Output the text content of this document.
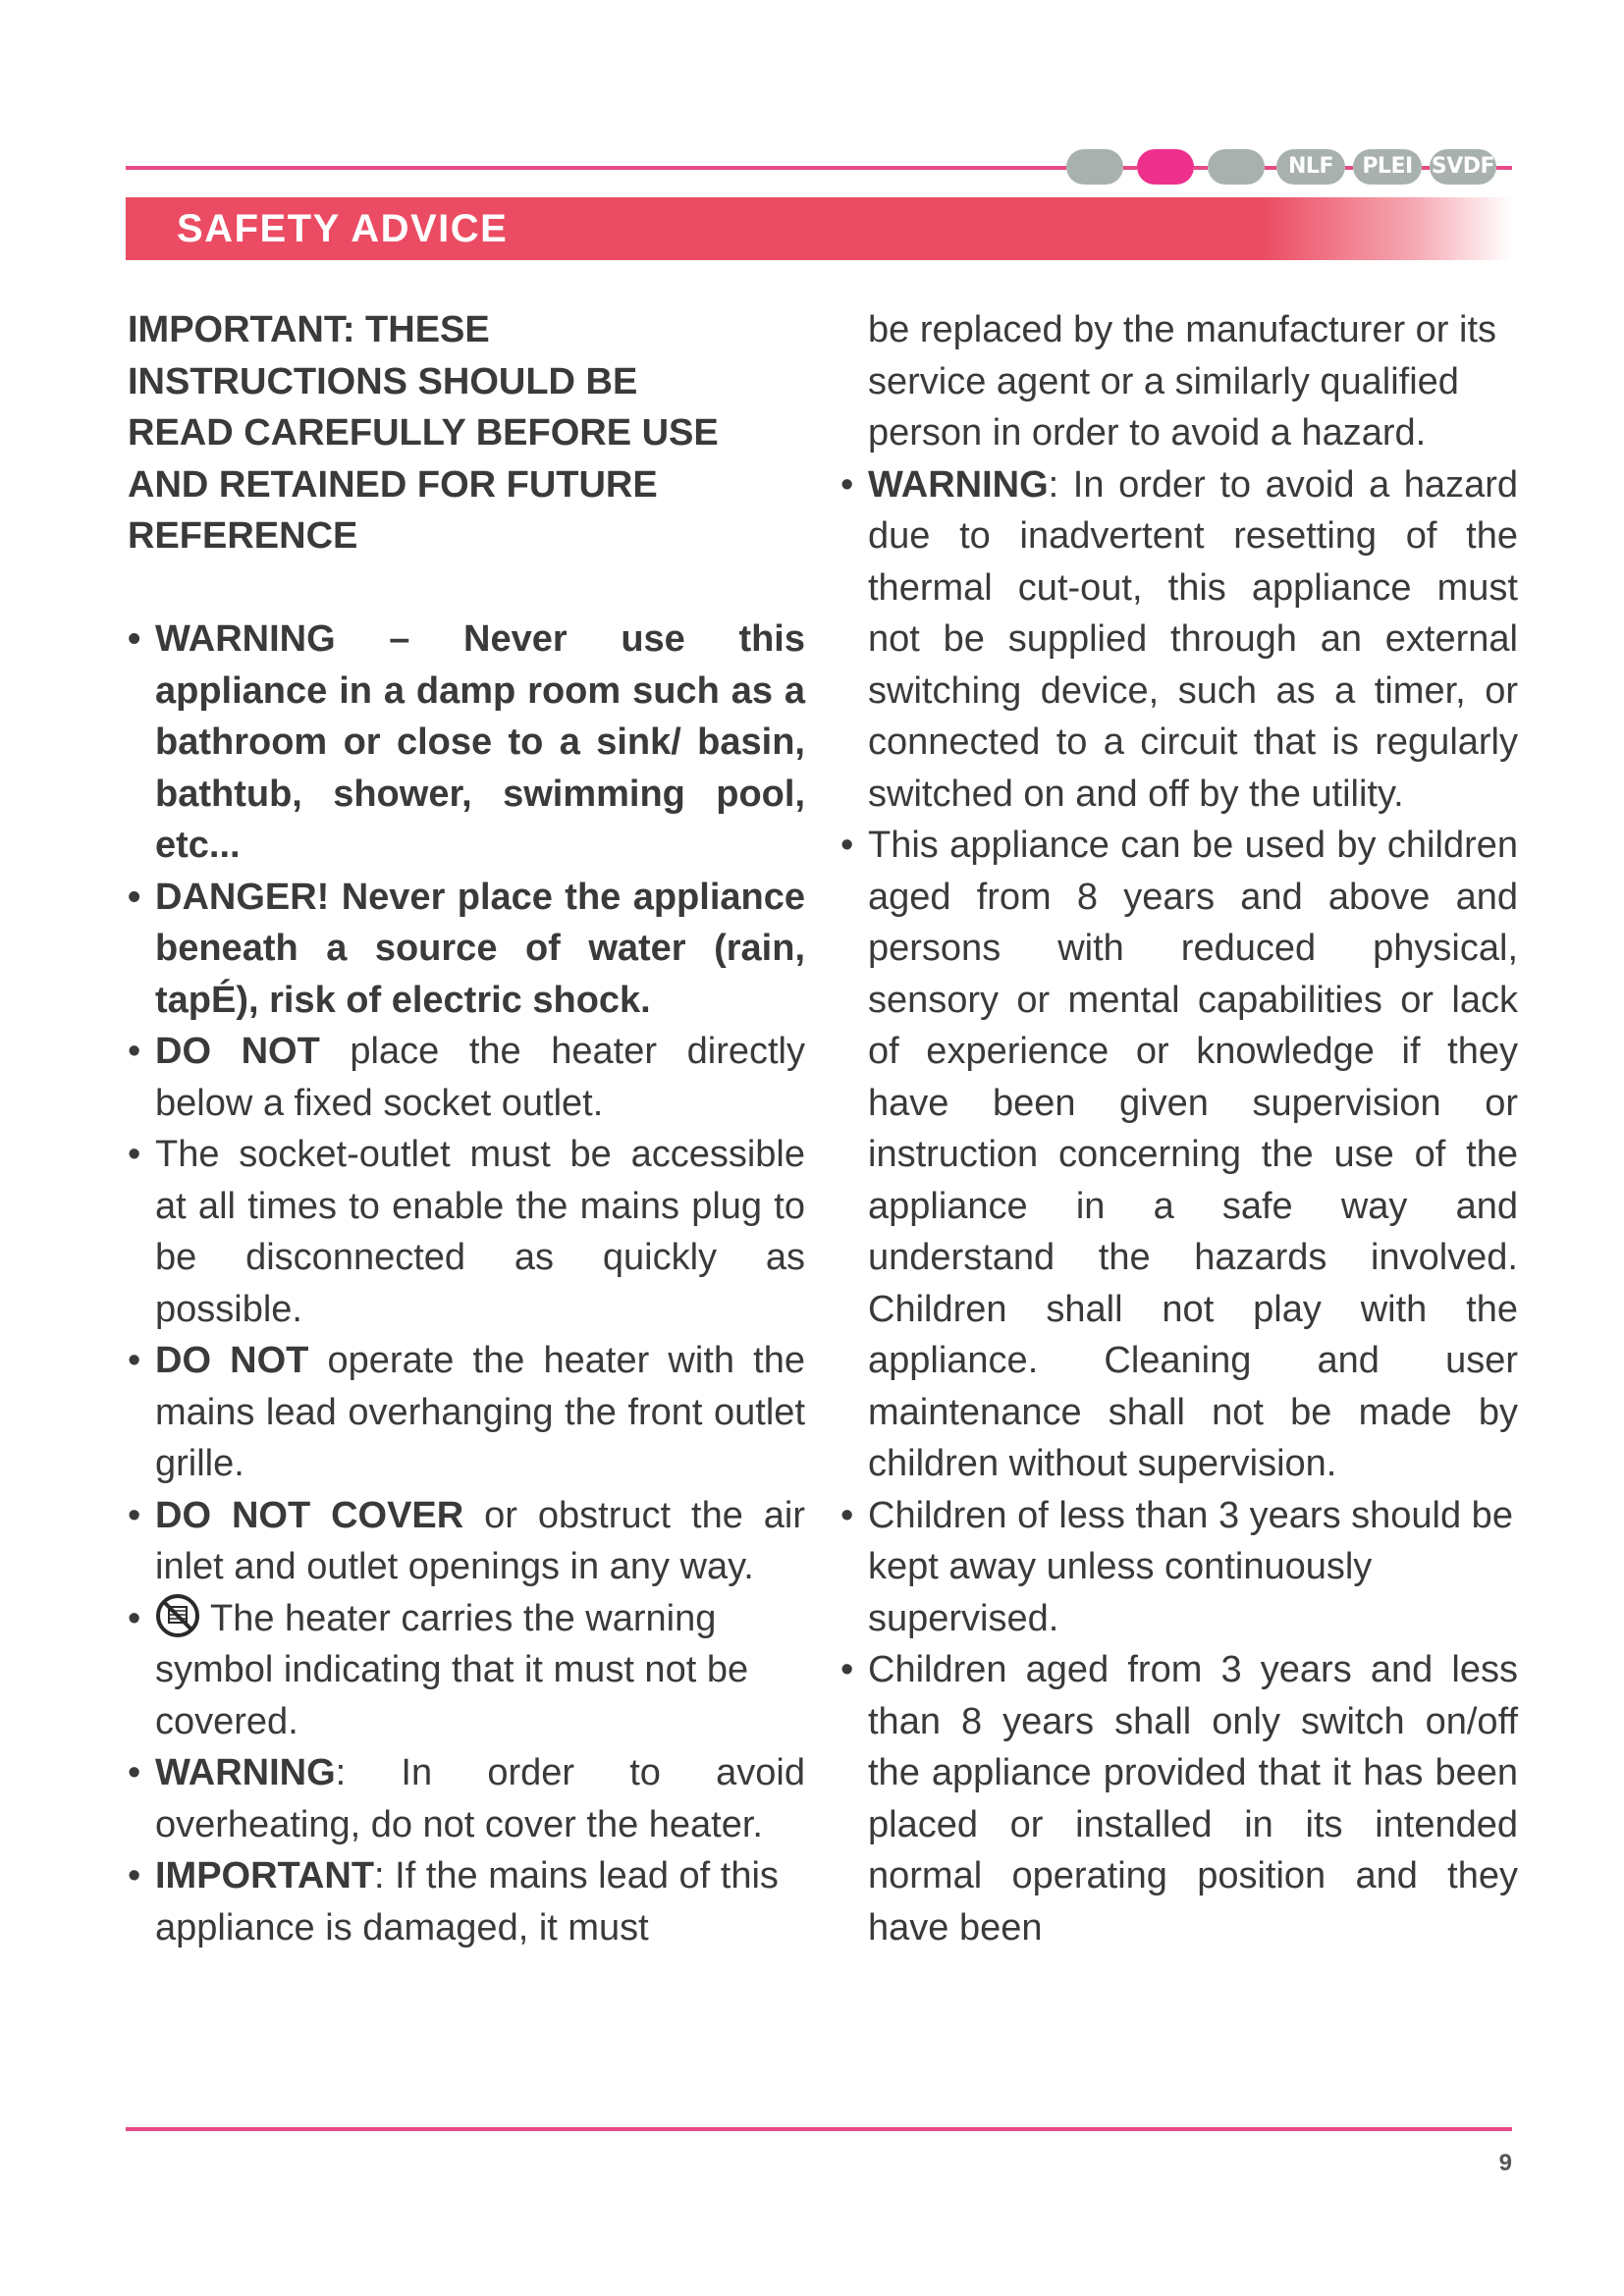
NLF	PLEI SVDF
SAFETY ADVICE
IMPORTANT: THESE
INSTRUCTIONS SHOULD BE
READ CAREFULLY BEFORE USE
AND RETAINED FOR FUTURE
REFERENCE
• WARNING – Never use this appliance in a damp room such as a bathroom or close to a sink/ basin, bathtub, shower, swimming pool, etc...
• DANGER! Never place the appliance beneath a source of water (rain, tapÉ), risk of electric shock.
• DO NOT place the heater directly below a fixed socket outlet.
• The socket-outlet must be accessible at all times to enable the mains plug to be disconnected as quickly as possible.
• DO NOT operate the heater with the mains lead overhanging the front outlet grille.
• DO NOT COVER or obstruct the air inlet and outlet openings in any way.
• The heater carries the warning symbol indicating that it must not be covered.
• WARNING: In order to avoid overheating, do not cover the heater.
• IMPORTANT: If the mains lead of this appliance is damaged, it must
be replaced by the manufacturer or its service agent or a similarly qualified person in order to avoid a hazard.
• WARNING: In order to avoid a hazard due to inadvertent resetting of the thermal cut-out, this appliance must not be supplied through an external switching device, such as a timer, or connected to a circuit that is regularly switched on and off by the utility.
• This appliance can be used by children aged from 8 years and above and persons with reduced physical, sensory or mental capabilities or lack of experience or knowledge if they have been given supervision or instruction concerning the use of the appliance in a safe way and understand the hazards involved. Children shall not play with the appliance. Cleaning and user maintenance shall not be made by children without supervision.
• Children of less than 3 years should be kept away unless continuously supervised.
• Children aged from 3 years and less than 8 years shall only switch on/off the appliance provided that it has been placed or installed in its intended normal operating position and they have been
9
